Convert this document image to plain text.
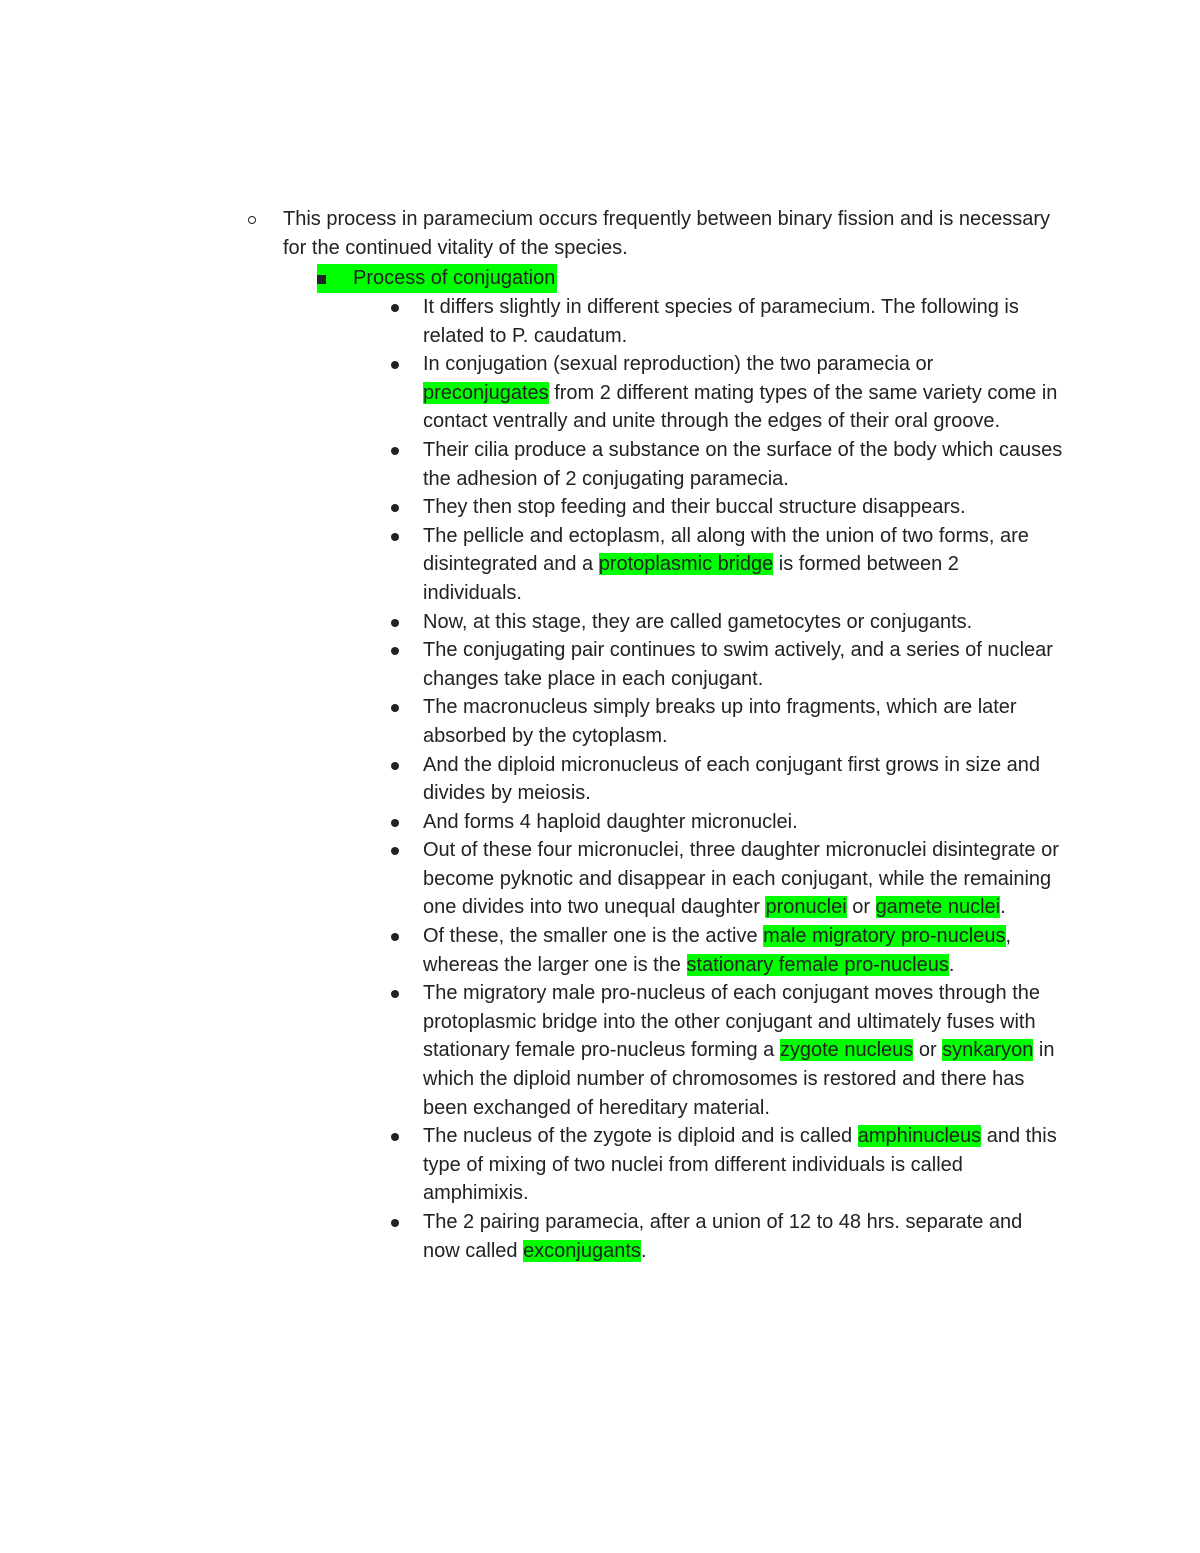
This process in paramecium occurs frequently between binary fission and is necessary for the continued vitality of the species.
Process of conjugation
It differs slightly in different species of paramecium. The following is related to P. caudatum.
In conjugation (sexual reproduction) the two paramecia or preconjugates from 2 different mating types of the same variety come in contact ventrally and unite through the edges of their oral groove.
Their cilia produce a substance on the surface of the body which causes the adhesion of 2 conjugating paramecia.
They then stop feeding and their buccal structure disappears.
The pellicle and ectoplasm, all along with the union of two forms, are disintegrated and a protoplasmic bridge is formed between 2 individuals.
Now, at this stage, they are called gametocytes or conjugants.
The conjugating pair continues to swim actively, and a series of nuclear changes take place in each conjugant.
The macronucleus simply breaks up into fragments, which are later absorbed by the cytoplasm.
And the diploid micronucleus of each conjugant first grows in size and divides by meiosis.
And forms 4 haploid daughter micronuclei.
Out of these four micronuclei, three daughter micronuclei disintegrate or become pyknotic and disappear in each conjugant, while the remaining one divides into two unequal daughter pronuclei or gamete nuclei.
Of these, the smaller one is the active male migratory pro-nucleus, whereas the larger one is the stationary female pro-nucleus.
The migratory male pro-nucleus of each conjugant moves through the protoplasmic bridge into the other conjugant and ultimately fuses with stationary female pro-nucleus forming a zygote nucleus or synkaryon in which the diploid number of chromosomes is restored and there has been exchanged of hereditary material.
The nucleus of the zygote is diploid and is called amphinucleus and this type of mixing of two nuclei from different individuals is called amphimixis.
The 2 pairing paramecia, after a union of 12 to 48 hrs. separate and now called exconjugants.
